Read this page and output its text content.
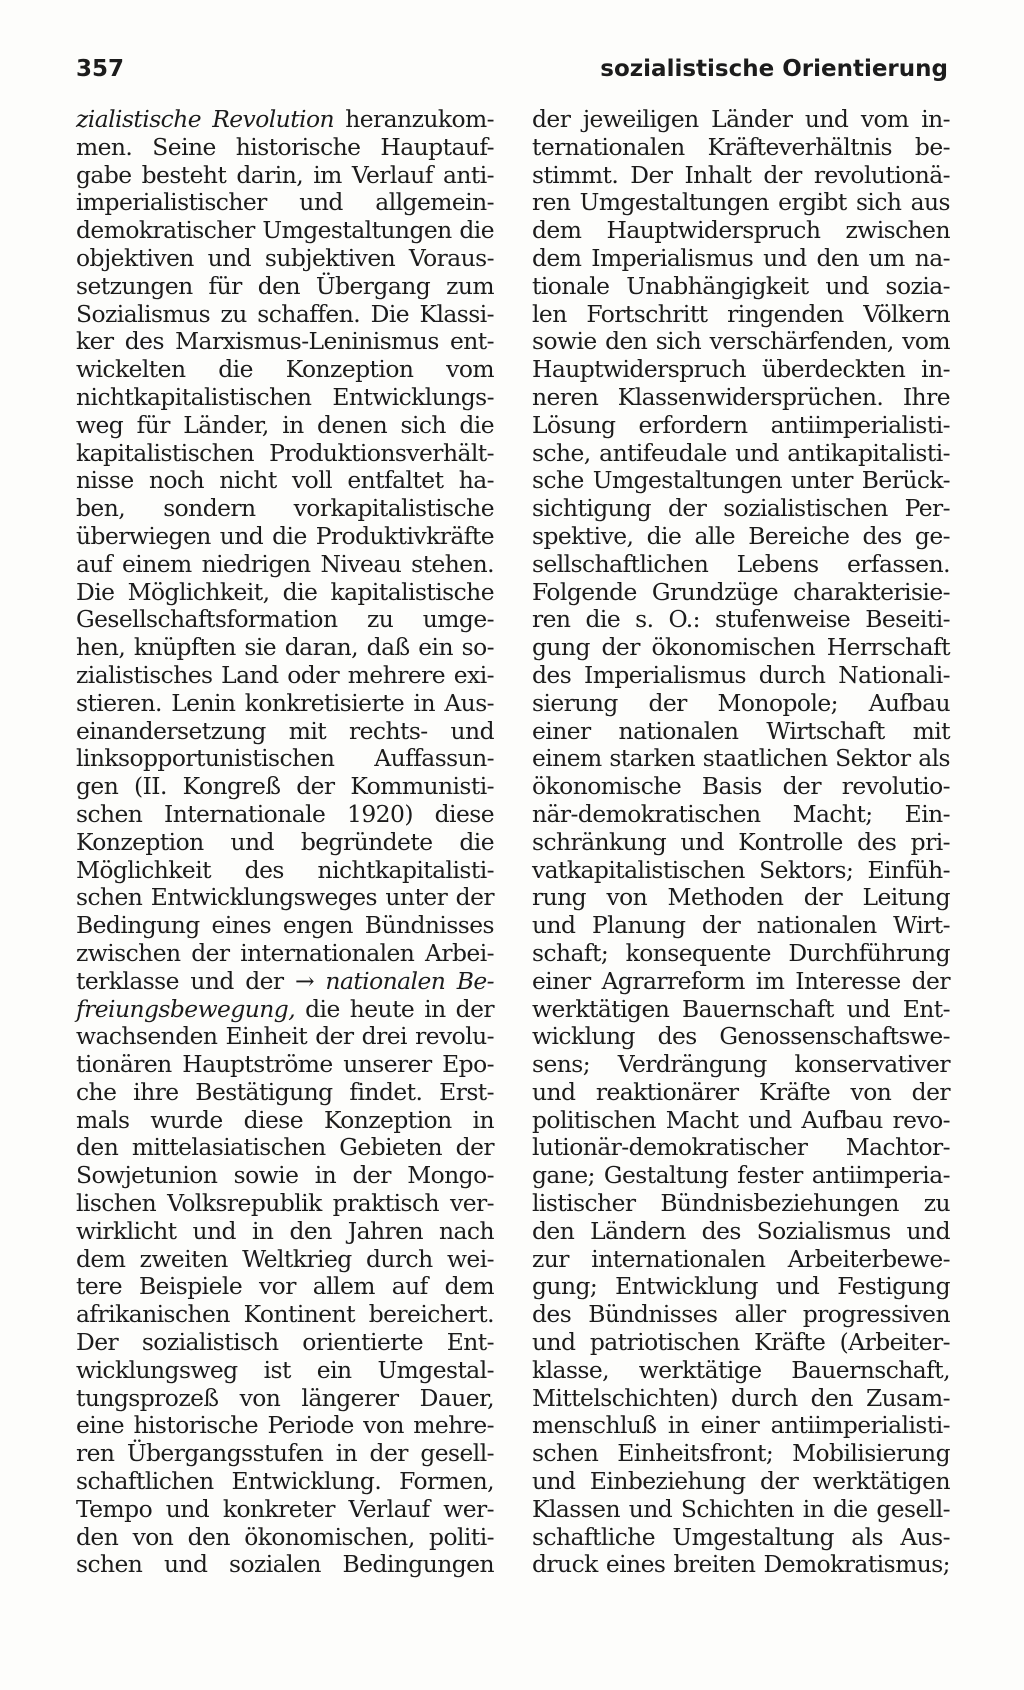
357	sozialistische Orientierung
zialistische Revolution heranzukom-
men. Seine historische Hauptauf-
gabe besteht darin, im Verlauf anti-
imperialistischer und allgemein-
demokratischer Umgestaltungen die
objektiven und subjektiven Voraus-
setzungen für den Übergang zum
Sozialismus zu schaffen. Die Klassi-
ker des Marxismus-Leninismus ent-
wickelten die Konzeption vom
nichtkapitalistischen Entwicklungs-
weg für Länder, in denen sich die
kapitalistischen Produktionsverhält-
nisse noch nicht voll entfaltet ha-
ben, sondern vorkapitalistische
überwiegen und die Produktivkräfte
auf einem niedrigen Niveau stehen.
Die Möglichkeit, die kapitalistische
Gesellschaftsformation zu umge-
hen, knüpften sie daran, daß ein so-
zialistisches Land oder mehrere exi-
stieren. Lenin konkretisierte in Aus-
einandersetzung mit rechts- und
linksopportunistischen Auffassun-
gen (II. Kongreß der Kommunisti-
schen Internationale 1920) diese
Konzeption und begründete die
Möglichkeit des nichtkapitalisti-
schen Entwicklungsweges unter der
Bedingung eines engen Bündnisses
zwischen der internationalen Arbei-
terklasse und der → nationalen Be-
freiungsbewegung, die heute in der
wachsenden Einheit der drei revolu-
tionären Hauptströme unserer Epo-
che ihre Bestätigung findet. Erst-
mals wurde diese Konzeption in
den mittelasiatischen Gebieten der
Sowjetunion sowie in der Mongo-
lischen Volksrepublik praktisch ver-
wirklicht und in den Jahren nach
dem zweiten Weltkrieg durch wei-
tere Beispiele vor allem auf dem
afrikanischen Kontinent bereichert.
Der sozialistisch orientierte Ent-
wicklungsweg ist ein Umgestal-
tungsprozeß von längerer Dauer,
eine historische Periode von mehre-
ren Übergangsstufen in der gesell-
schaftlichen Entwicklung. Formen,
Tempo und konkreter Verlauf wer-
den von den ökonomischen, politi-
schen und sozialen Bedingungen
der jeweiligen Länder und vom in-
ternationalen Kräfteverhältnis be-
stimmt. Der Inhalt der revolutionä-
ren Umgestaltungen ergibt sich aus
dem Hauptwiderspruch zwischen
dem Imperialismus und den um na-
tionale Unabhängigkeit und sozia-
len Fortschritt ringenden Völkern
sowie den sich verschärfenden, vom
Hauptwiderspruch überdeckten in-
neren Klassenwidersprüchen. Ihre
Lösung erfordern antiimperialisti-
sche, antifeudale und antikapitalisti-
sche Umgestaltungen unter Berück-
sichtigung der sozialistischen Per-
spektive, die alle Bereiche des ge-
sellschaftlichen Lebens erfassen.
Folgende Grundzüge charakterisie-
ren die s. O.: stufenweise Beseiti-
gung der ökonomischen Herrschaft
des Imperialismus durch Nationali-
sierung der Monopole; Aufbau
einer nationalen Wirtschaft mit
einem starken staatlichen Sektor als
ökonomische Basis der revolutio-
när-demokratischen Macht; Ein-
schränkung und Kontrolle des pri-
vatkapitalistischen Sektors; Einfüh-
rung von Methoden der Leitung
und Planung der nationalen Wirt-
schaft; konsequente Durchführung
einer Agrarreform im Interesse der
werktätigen Bauernschaft und Ent-
wicklung des Genossenschaftswe-
sens; Verdrängung konservativer
und reaktionärer Kräfte von der
politischen Macht und Aufbau revo-
lutionär-demokratischer Machtor-
gane; Gestaltung fester antiimperia-
listischer Bündnisbeziehungen zu
den Ländern des Sozialismus und
zur internationalen Arbeiterbewe-
gung; Entwicklung und Festigung
des Bündnisses aller progressiven
und patriotischen Kräfte (Arbeiter-
klasse, werktätige Bauernschaft,
Mittelschichten) durch den Zusam-
menschluß in einer antiimperialisti-
schen Einheitsfront; Mobilisierung
und Einbeziehung der werktätigen
Klassen und Schichten in die gesell-
schaftliche Umgestaltung als Aus-
druck eines breiten Demokratismus;
